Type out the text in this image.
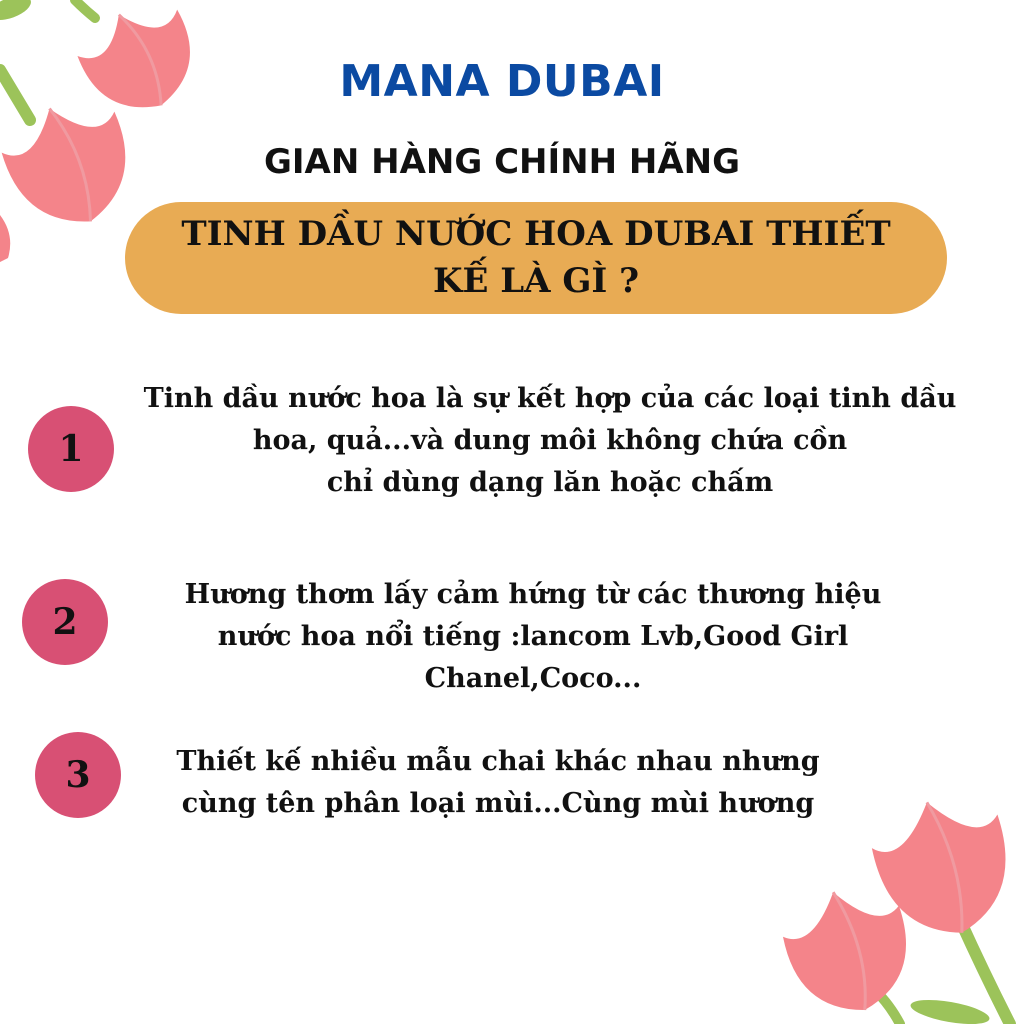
MANA DUBAI
GIAN HÀNG CHÍNH HÃNG

TINH DẦU NƯỚC HOA DUBAI THIẾT
KẾ LÀ GÌ ?

1

Tinh dầu nước hoa là sự kết hợp của các loại tinh dầu
hoa, quả...và dung môi không chứa cồn
chỉ dùng dạng lăn hoặc chấm

2

Hương thơm lấy cảm hứng từ các thương hiệu
nước hoa nổi tiếng :lancom Lvb,Good Girl
Chanel,Coco...

3	Thiết kế nhiều mẫu chai khác nhau nhưng
cùng tên phân loại mùi...Cùng mùi hương
